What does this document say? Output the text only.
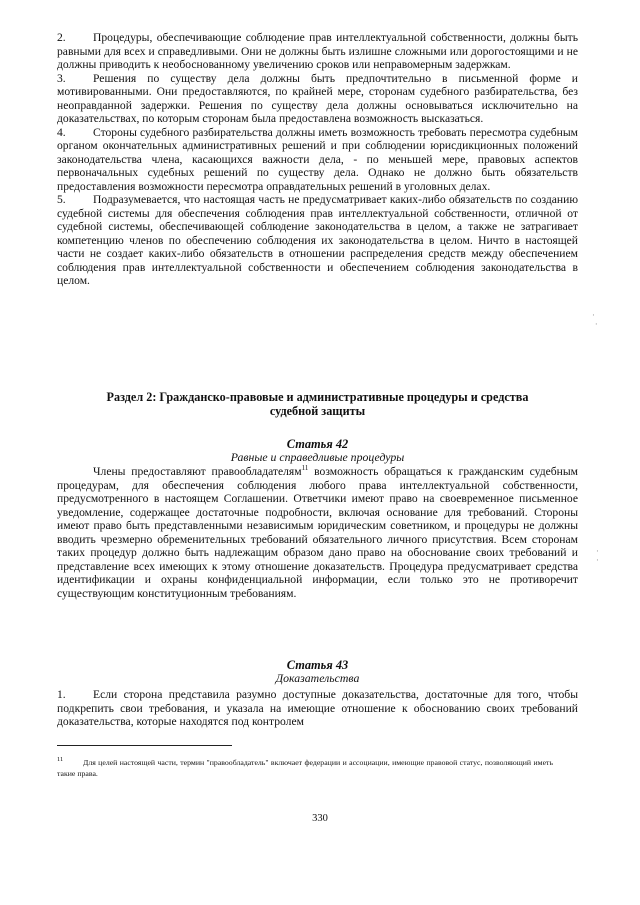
2. Процедуры, обеспечивающие соблюдение прав интеллектуальной собственности, должны быть равными для всех и справедливыми. Они не должны быть излишне сложными или дорогостоящими и не должны приводить к необоснованному увеличению сроков или неправомерным задержкам.

3. Решения по существу дела должны быть предпочтительно в письменной форме и мотивированными. Они предоставляются, по крайней мере, сторонам судебного разбирательства, без неоправданной задержки. Решения по существу дела должны основываться исключительно на доказательствах, по которым сторонам была предоставлена возможность высказаться.

4. Стороны судебного разбирательства должны иметь возможность требовать пересмотра судебным органом окончательных административных решений и при соблюдении юрисдикционных положений законодательства члена, касающихся важности дела, - по меньшей мере, правовых аспектов первоначальных судебных решений по существу дела. Однако не должно быть обязательств предоставления возможности пересмотра оправдательных решений в уголовных делах.

5. Подразумевается, что настоящая часть не предусматривает каких-либо обязательств по созданию судебной системы для обеспечения соблюдения прав интеллектуальной собственности, отличной от судебной системы, обеспечивающей соблюдение законодательства в целом, а также не затрагивает компетенцию членов по обеспечению соблюдения их законодательства в целом. Ничто в настоящей части не создает каких-либо обязательств в отношении распределения средств между обеспечением соблюдения прав интеллектуальной собственности и обеспечением соблюдения законодательства в целом.

Раздел 2: Гражданско-правовые и административные процедуры и средства
судебной защиты
Статья 42
Равные и справедливые процедуры
Члены предоставляют правообладателям$^{11}$ возможность обращаться к гражданским судебным процедурам, для обеспечения соблюдения любого права интеллектуальной собственности, предусмотренного в настоящем Соглашении. Ответчики имеют право на своевременное письменное уведомление, содержащее достаточные подробности, включая основание для требований. Стороны имеют право быть представленными независимым юридическим советником, и процедуры не должны вводить чрезмерно обременительных требований обязательного личного присутствия. Всем сторонам таких процедур должно быть надлежащим образом дано право на обоснование своих требований и представление всех имеющих к этому отношение доказательств. Процедура предусматривает средства идентификации и охраны конфиденциальной информации, если только это не противоречит существующим конституционным требованиям.
Статья 43
Доказательства
1. Если сторона представила разумно доступные доказательства, достаточные для того, чтобы подкрепить свои требования, и указала на имеющие отношение к обоснованию своих требований доказательства, которые находятся под контролем
11	Для целей настоящей части, термин "правообладатель" включает федерации и ассоциации, имеющие правовой статус, позволяющий иметь такие права.
330
·
·
·
·
